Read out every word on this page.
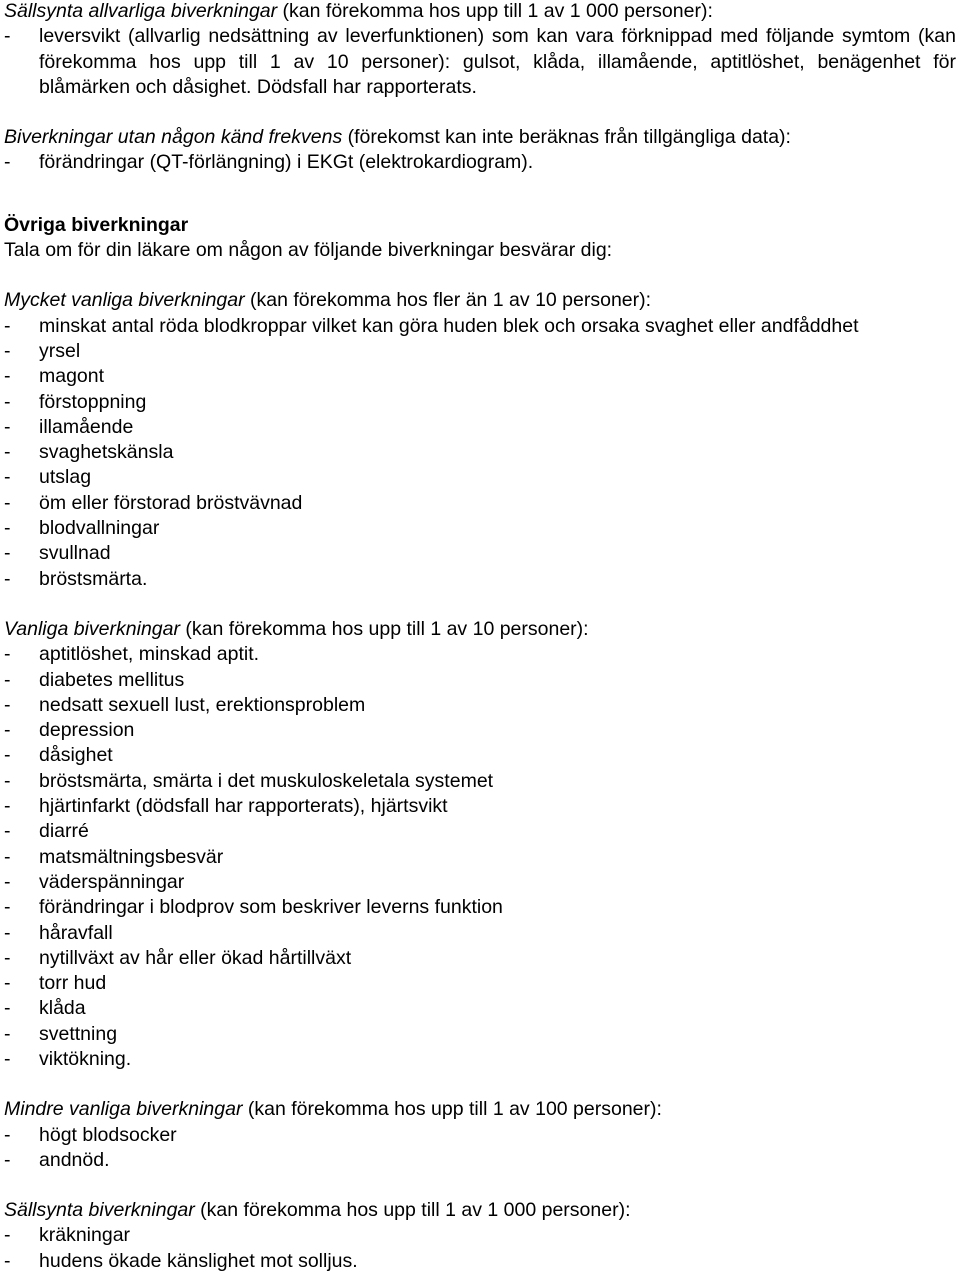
Sällsynta allvarliga biverkningar (kan förekomma hos upp till 1 av 1 000 personer):

- leversvikt (allvarlig nedsättning av leverfunktionen) som kan vara förknippad med följande symtom (kan förekomma hos upp till 1 av 10 personer): gulsot, klåda, illamående, aptitlöshet, benägenhet för blåmärken och dåsighet. Dödsfall har rapporterats.

Biverkningar utan någon känd frekvens (förekomst kan inte beräknas från tillgängliga data):

- förändringar (QT-förlängning) i EKGt (elektrokardiogram).

Övriga biverkningar

Tala om för din läkare om någon av följande biverkningar besvärar dig:

Mycket vanliga biverkningar (kan förekomma hos fler än 1 av 10 personer):

- minskat antal röda blodkroppar vilket kan göra huden blek och orsaka svaghet eller andfåddhet
- yrsel
- magont
- förstoppning
- illamående
- svaghetskänsla
- utslag
- öm eller förstorad bröstvävnad
- blodvallningar
- svullnad
- bröstsmärta.

Vanliga biverkningar (kan förekomma hos upp till 1 av 10 personer):

- aptitlöshet, minskad aptit.
- diabetes mellitus
- nedsatt sexuell lust, erektionsproblem
- depression
- dåsighet
- bröstsmärta, smärta i det muskuloskeletala systemet
- hjärtinfarkt (dödsfall har rapporterats), hjärtsvikt
- diarré
- matsmältningsbesvär
- väderspänningar
- förändringar i blodprov som beskriver leverns funktion
- håravfall
- nytillväxt av hår eller ökad hårtillväxt
- torr hud
- klåda
- svettning
- viktökning.

Mindre vanliga biverkningar (kan förekomma hos upp till 1 av 100 personer):

- högt blodsocker
- andnöd.

Sällsynta biverkningar (kan förekomma hos upp till 1 av 1 000 personer):

- kräkningar
- hudens ökade känslighet mot solljus.
